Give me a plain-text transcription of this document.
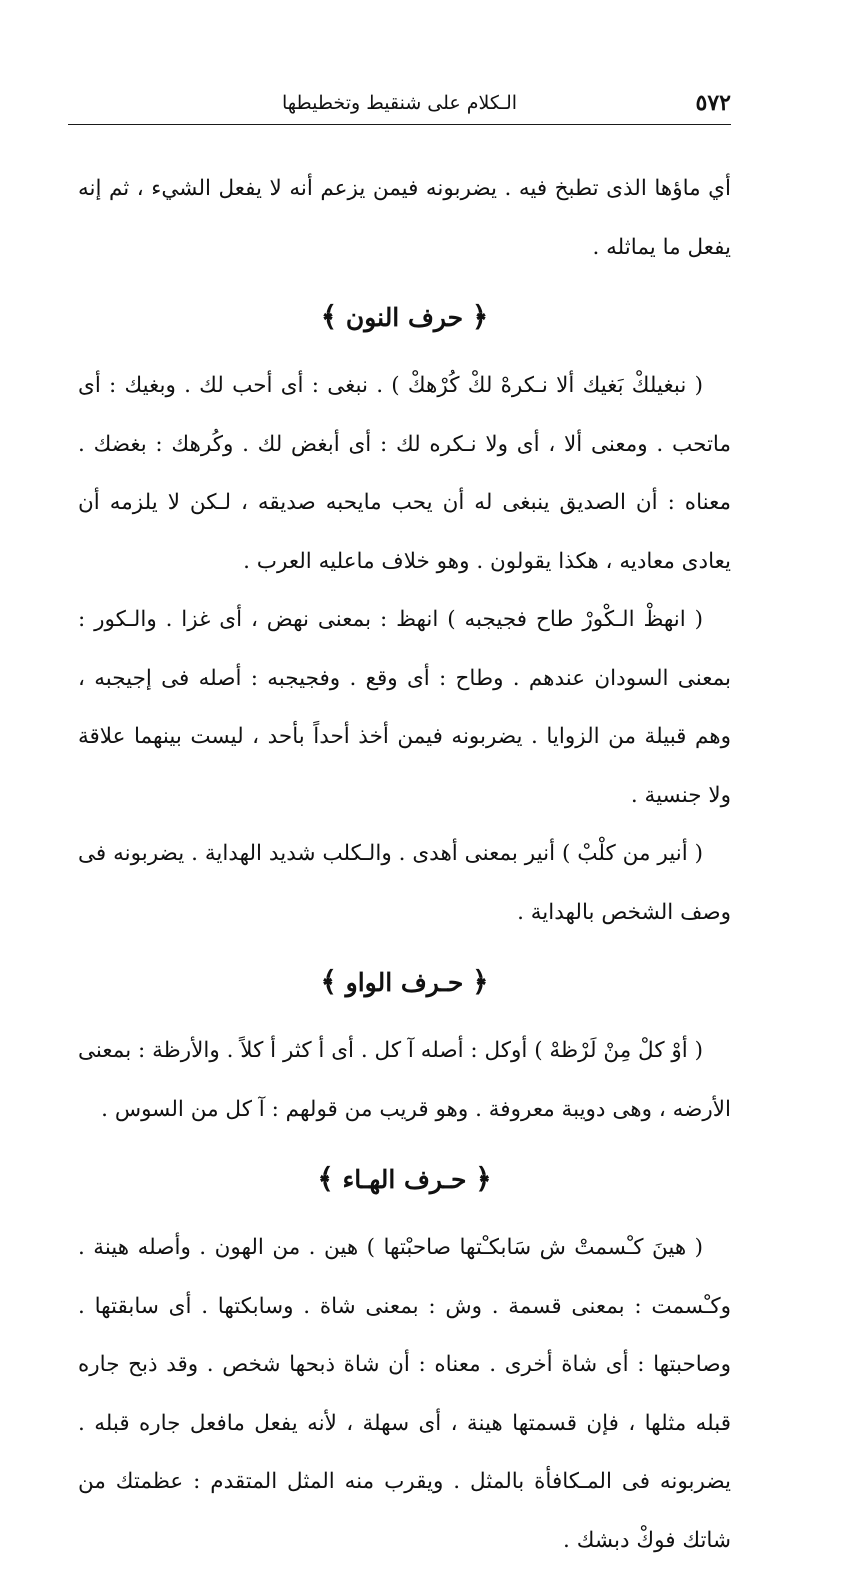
٥٧٢
الـكلام على شنقيط وتخطيطها

أي ماؤها الذى تطبخ فيه . يضربونه فيمن يزعم أنه لا يفعل الشيء ، ثم إنه يفعل ما يماثله .

﴿ حرف النون ﴾

( نبغيلكْ بَغيك ألا نـكرهْ لكْ كُرْهكْ ) . نبغى : أى أحب لك . وبغيك : أى ماتحب . ومعنى ألا ، أى ولا نـكره لك : أى أبغض لك . وكُرهك : بغضك . معناه : أن الصديق ينبغى له أن يحب مايحبه صديقه ، لـكن لا يلزمه أن يعادى معاديه ، هكذا يقولون . وهو خلاف ماعليه العرب .

( انهظْ الـكْورْ طاح فجيجبه ) انهظ : بمعنى نهض ، أى غزا . والـكور : بمعنى السودان عندهم . وطاح : أى وقع . وفجيجبه : أصله فى إجيجبه ، وهم قبيلة من الزوايا . يضربونه فيمن أخذ أحداً بأحد ، ليست بينهما علاقة ولا جنسية .

( أنير من كلْبْ ) أنير بمعنى أهدى . والـكلب شديد الهداية . يضربونه فى وصف الشخص بالهداية .

﴿ حـرف الواو ﴾

( أوْ كلْ مِنْ لَرْظهْ ) أوكل : أصله آ كل . أى أ كثر أ كلاً . والأرظة : بمعنى الأرضه ، وهى دويبة معروفة . وهو قريب من قولهم : آ كل من السوس .

﴿ حـرف الهـاء ﴾

( هينَ كـْسمتْ ش سَابكـْتها صاحبْتها ) هين . من الهون . وأصله هينة . وكـْسمت : بمعنى قسمة . وش : بمعنى شاة . وسابكتها . أى سابقتها . وصاحبتها : أى شاة أخرى . معناه : أن شاة ذبحها شخص . وقد ذبح جاره قبله مثلها ، فإن قسمتها هينة ، أى سهلة ، لأنه يفعل مافعل جاره قبله . يضربونه فى المـكافأة بالمثل . ويقرب منه المثل المتقدم : عظمتك من شاتك فوكْ دبشك .
